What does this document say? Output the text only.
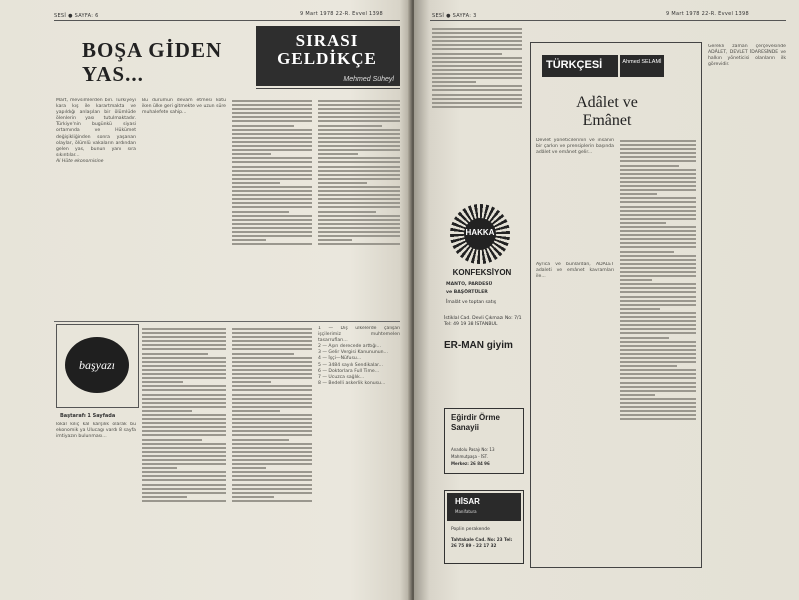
SESİ ● SAYFA: 6	9 Mart 1978 22-R. Evvel 1398
BOŞA GİDEN YAS...
SIRASI GELDİKÇE
Mehmed Süheyl
Mart, mevsimlerden biri. Türkiyeyi kara kış ile karartmakta ve yapıldığı anlaşılan bir ölümlüde ölenlerin yası tutulmaktadır. Türkiye'nin bugünkü siyasi ortamında ve Hükümet değişikliğinden sonra yaşanan olaylar, ölümlü vakaların ardından gelen yas, bunun yanı sıra sıkıntılar...
Ai Hüte ekonomisine
Bu durumun devam etmesi kötü iken ülke geri gitmekte ve uzun süre muhalefete sahip...
başyazı
Baştarafı 1 Sayfada
lokal kıliç kal karşılık olarak bu ekonomik ya Ulucagı vardı 8 sayfa imtiyazın bulunması...
1 — Dış ülkelerde çalışan işçilerimiz muhtemelen tasarrufları...
2 — Aşırı derecede arttığı...
3 — Gelir Vergisi Kanununun...
4 — İşçi—Nüfusu...
5 — 3484 sayılı Sendikalar...
6 — Doktorlara Full Time...
7 — Ucuzca sağlık...
8 — Bedelli askerlik konusu...
SESİ ● SAYFA: 3	9 Mart 1978 22-R. Evvel 1398
TÜRKÇESİ	Ahmed SELAMİ
Adâlet ve Emânet
Devlet yöneticilerinin ve insanın bir çarkın ve prensiplerin başında adâlet ve emânet gelir...
HAKKA
KONFEKSİYON
MANTO, PARDESÜ
ve BAŞÖRTÜLER
Îmalât ve toptan satış
İstiklal Cad. Devli Çıkmazı No: 7/1 Tel: 49 19 38 İSTANBUL
ER-MAN giyim
Eğirdir Örme Sanayii
Anadolu Pasajı No: 13
Mahmutpaşa - İST.
Merkez: 26 84 96
HİSAR
Manifatura
Poplin perakende
Tahtakale Cad. No: 23 Tel: 26 75 89 - 22 17 32
Ayrıca ve bunlardan, ADÂLET adaleti ve emânet kavramları ile...
Gerekli zaman çerçevesinde ADÂLET, DEVLET İDARESİNDE ve halkın yöneticisi olanların ilk görevidir.
